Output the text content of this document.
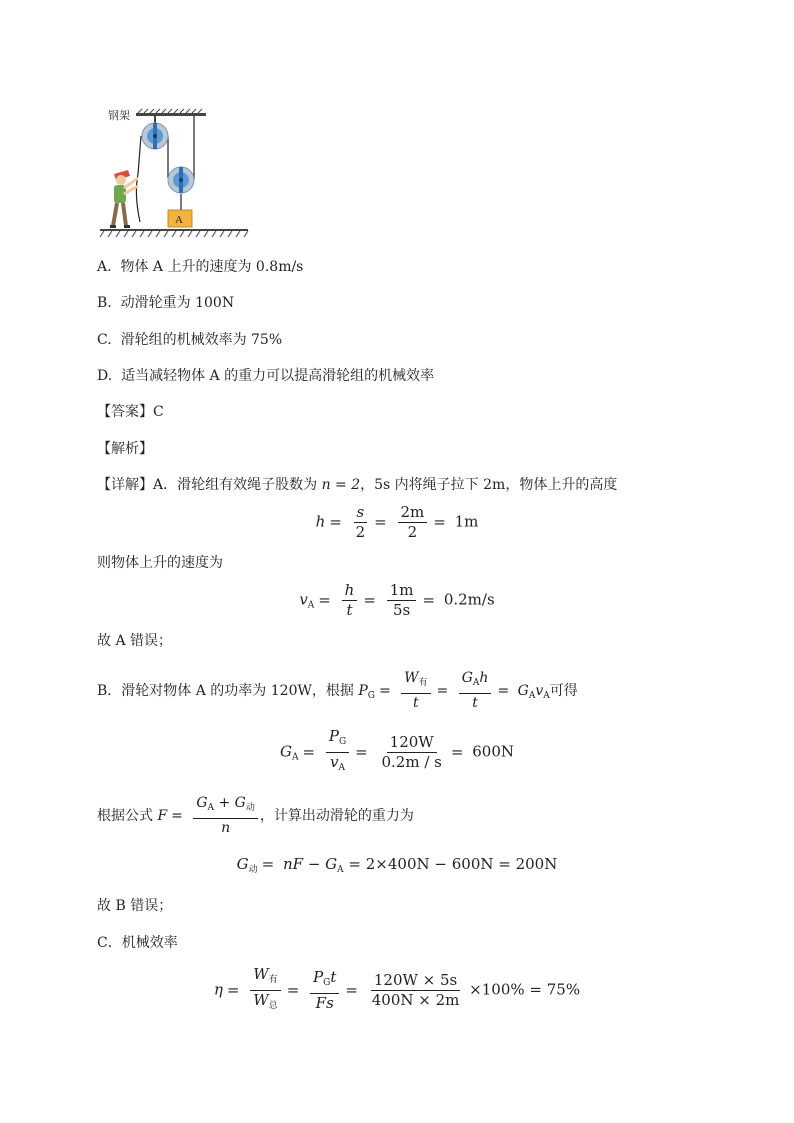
钢架
A
A. 物体 A 上升的速度为 0.8m/s
B. 动滑轮重为 100N
C. 滑轮组的机械效率为 75%
D. 适当减轻物体 A 的重力可以提高滑轮组的机械效率
【答案】C
【解析】
【详解】A．滑轮组有效绳子股数为 n = 2，5s 内将绳子拉下 2m，物体上升的高度
$h = \frac{s}{2} = \frac{2m}{2} = 1m$
则物体上升的速度为
$v_A = \frac{h}{t} = \frac{1m}{5s} = 0.2m/s$
故 A 错误；
B．滑轮对物体 A 的功率为 120W，根据 $P_G = \frac{W_有}{t} = \frac{G_Ah}{t} = G_Av_A$可得
$G_A = \frac{P_G}{v_A} = \frac{120W}{0.2m / s} = 600N$
根据公式 $F = \frac{G_A + G_动}{n}$ ，计算出动滑轮的重力为
$G_动$ = nF − $G_A = 2\times 400N - 600N = 200N$
故 B 错误；
C．机械效率
$\eta = \frac{W_有}{W_总} = \frac{P_Gt}{Fs} = \frac{120W \times 5s}{400N \times 2m} \times 100\% = 75\%$
